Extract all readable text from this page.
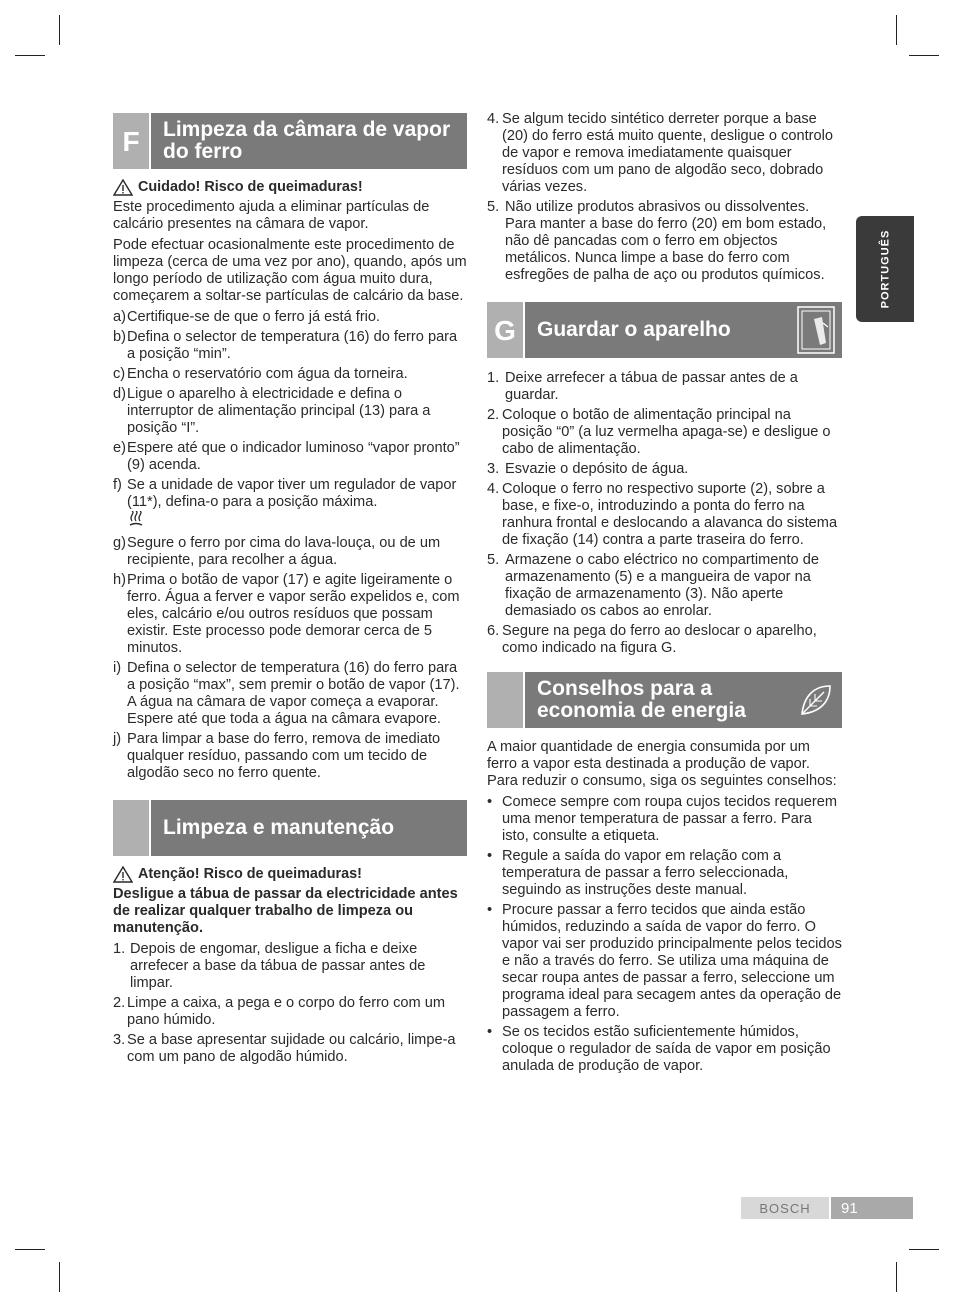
PORTUGUÊS
F	Limpeza da câmara de vapor do ferro
Cuidado! Risco de queimaduras!

Este procedimento ajuda a eliminar partículas de calcário presentes na câmara de vapor.

Pode efectuar ocasionalmente este procedimento de limpeza (cerca de uma vez por ano), quando, após um longo período de utilização com água muito dura, começarem a soltar-se partículas de calcário da base.

a) Certifique-se de que o ferro já está frio.
b) Defina o selector de temperatura (16) do ferro para a posição “min”.
c) Encha o reservatório com água da torneira.
d) Ligue o aparelho à electricidade e defina o interruptor de alimentação principal (13) para a posição “I”.
e) Espere até que o indicador luminoso “vapor pronto” (9) acenda.
f) Se a unidade de vapor tiver um regulador de vapor (11*), defina-o para a posição máxima.

g) Segure o ferro por cima do lava-louça, ou de um recipiente, para recolher a água.
h) Prima o botão de vapor (17) e agite ligeiramente o ferro. Água a ferver e vapor serão expelidos e, com eles, calcário e/ou outros resíduos que possam existir. Este processo pode demorar cerca de 5 minutos.
i) Defina o selector de temperatura (16) do ferro para a posição “max”, sem premir o botão de vapor (17). A água na câmara de vapor começa a evaporar. Espere até que toda a água na câmara evapore.
j) Para limpar a base do ferro, remova de imediato qualquer resíduo, passando com um tecido de algodão seco no ferro quente.
Limpeza e manutenção
Atenção! Risco de queimaduras!

Desligue a tábua de passar da electricidade antes de realizar qualquer trabalho de limpeza ou manutenção.

1. Depois de engomar, desligue a ficha e deixe arrefecer a base da tábua de passar antes de limpar.
2. Limpe a caixa, a pega e o corpo do ferro com um pano húmido.
3. Se a base apresentar sujidade ou calcário, limpe-a com um pano de algodão húmido.
4. Se algum tecido sintético derreter porque a base (20) do ferro está muito quente, desligue o controlo de vapor e remova imediatamente quaisquer resíduos com um pano de algodão seco, dobrado várias vezes.
5. Não utilize produtos abrasivos ou dissolventes. Para manter a base do ferro (20) em bom estado, não dê pancadas com o ferro em objectos metálicos. Nunca limpe a base do ferro com esfregões de palha de aço ou produtos químicos.
G	Guardar o aparelho
1. Deixe arrefecer a tábua de passar antes de a guardar.
2. Coloque o botão de alimentação principal na posição “0” (a luz vermelha apaga-se) e desligue o cabo de alimentação.
3. Esvazie o depósito de água.
4. Coloque o ferro no respectivo suporte (2), sobre a base, e fixe-o, introduzindo a ponta do ferro na ranhura frontal e deslocando a alavanca do sistema de fixação (14) contra a parte traseira do ferro.
5. Armazene o cabo eléctrico no compartimento de armazenamento (5) e a mangueira de vapor na fixação de armazenamento (3). Não aperte demasiado os cabos ao enrolar.
6. Segure na pega do ferro ao deslocar o aparelho, como indicado na figura G.
Conselhos para a economia de energia

A maior quantidade de energia consumida por um ferro a vapor esta destinada a produção de vapor. Para reduzir o consumo, siga os seguintes conselhos:

• Comece sempre com roupa cujos tecidos requerem uma menor temperatura de passar a ferro. Para isto, consulte a etiqueta.
• Regule a saída do vapor em relação com a temperatura de passar a ferro seleccionada, seguindo as instruções deste manual.
• Procure passar a ferro tecidos que ainda estão húmidos, reduzindo a saída de vapor do ferro. O vapor vai ser produzido principalmente pelos tecidos e não a través do ferro. Se utiliza uma máquina de secar roupa antes de passar a ferro, seleccione um programa ideal para secagem antes da operação de passagem a ferro.
• Se os tecidos estão suficientemente húmidos, coloque o regulador de saída de vapor em posição anulada de produção de vapor.
BOSCH	91
